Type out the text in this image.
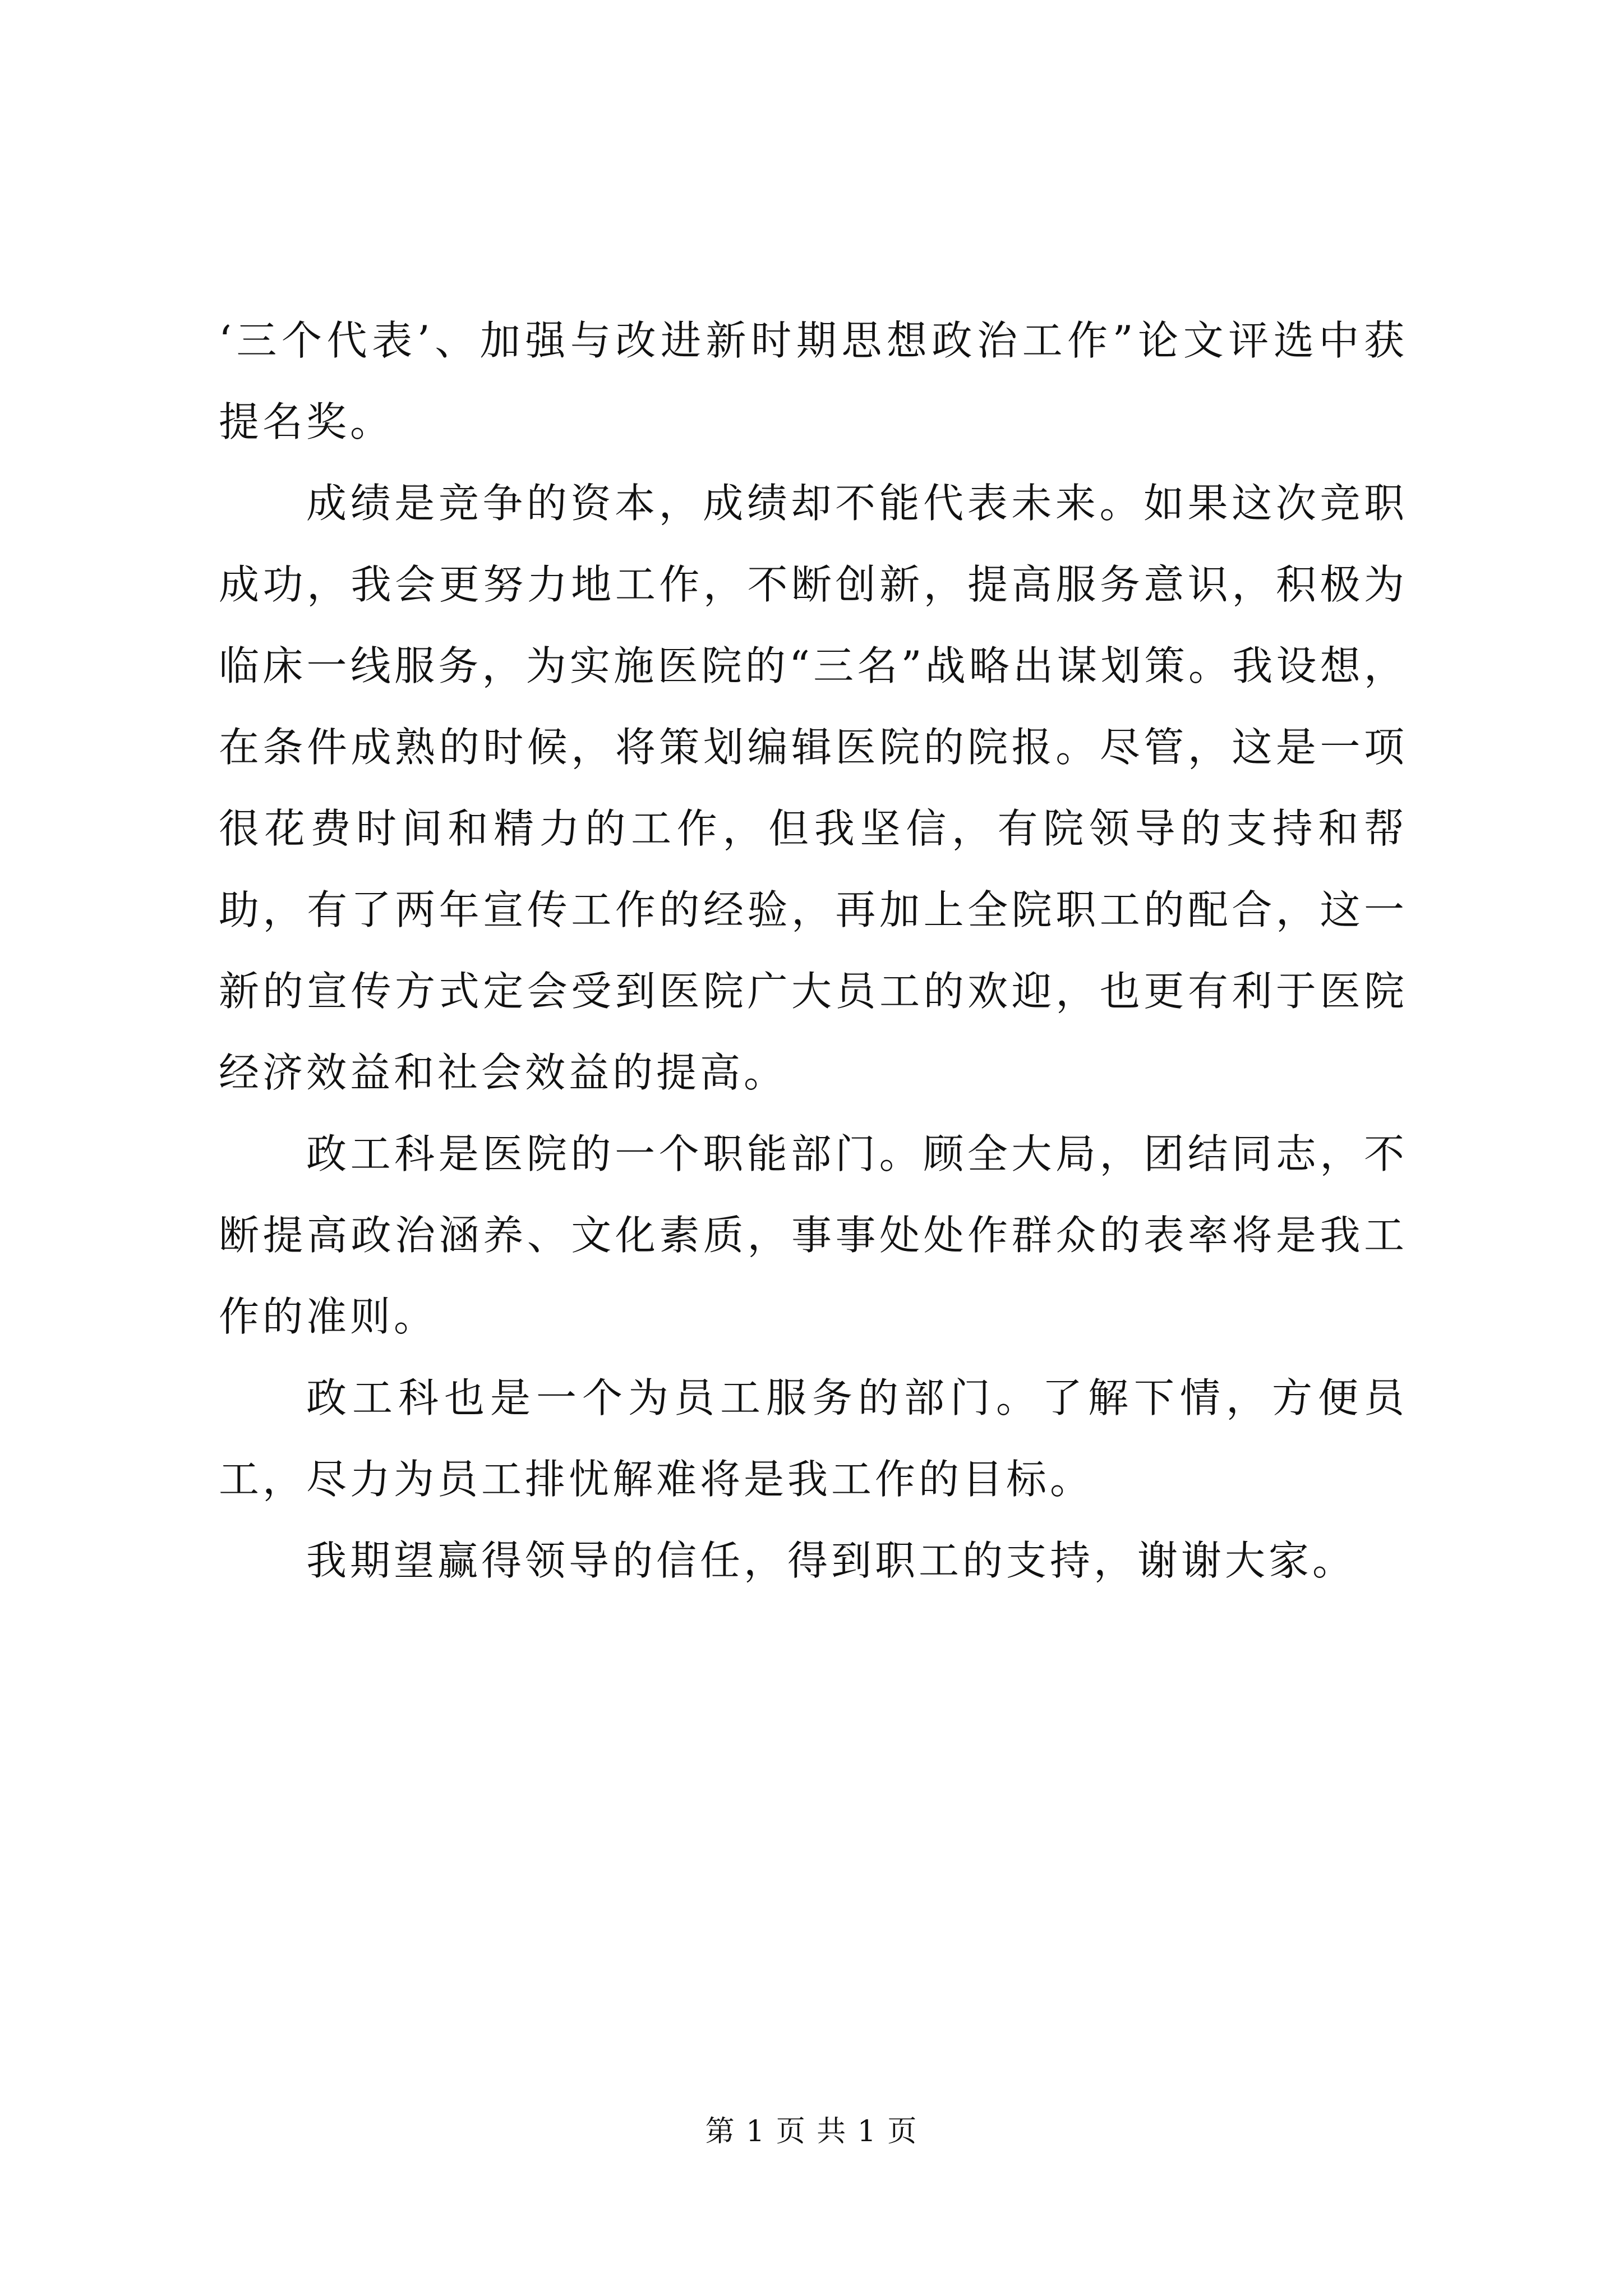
‘三个代表’、加强与改进新时期思想政治工作”论文评选中获提名奖。

成绩是竞争的资本，成绩却不能代表未来。如果这次竞职成功，我会更努力地工作，不断创新，提高服务意识，积极为临床一线服务，为实施医院的“三名”战略出谋划策。我设想，在条件成熟的时候，将策划编辑医院的院报。尽管，这是一项很花费时间和精力的工作，但我坚信，有院领导的支持和帮助，有了两年宣传工作的经验，再加上全院职工的配合，这一新的宣传方式定会受到医院广大员工的欢迎，也更有利于医院经济效益和社会效益的提高。

政工科是医院的一个职能部门。顾全大局，团结同志，不断提高政治涵养、文化素质，事事处处作群众的表率将是我工作的准则。

政工科也是一个为员工服务的部门。了解下情，方便员工，尽力为员工排忧解难将是我工作的目标。

我期望赢得领导的信任，得到职工的支持，谢谢大家。

第 1 页 共 1 页
